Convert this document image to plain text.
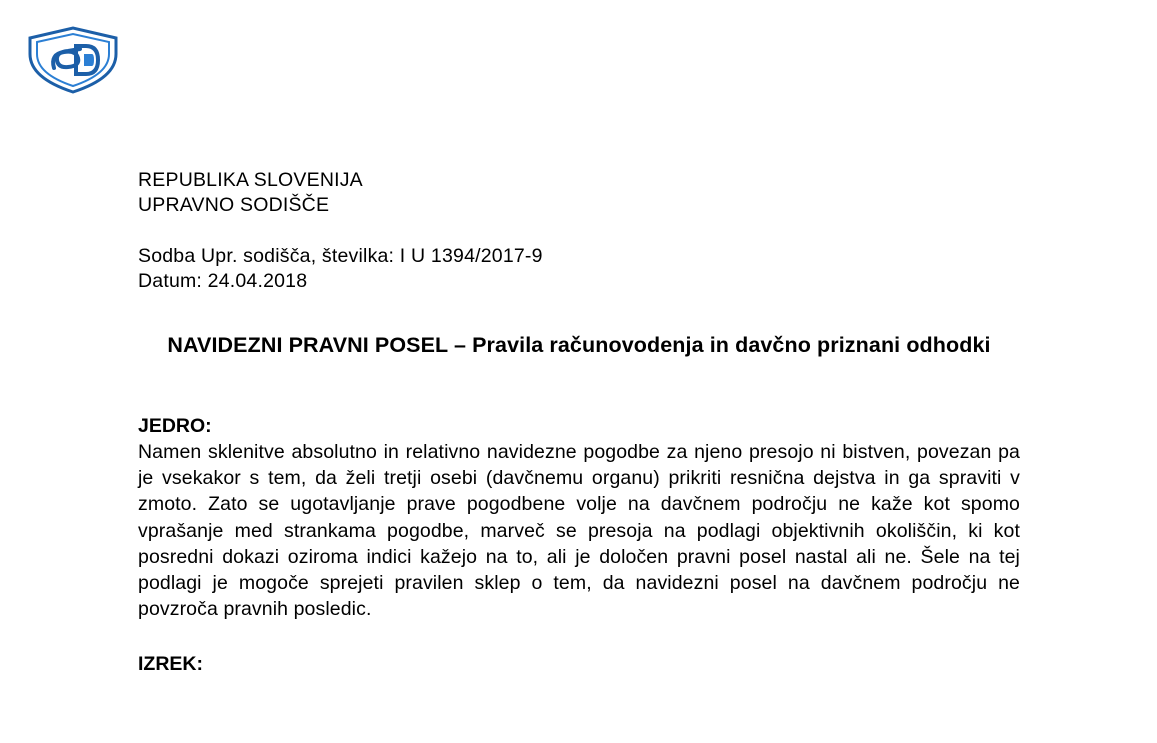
REPUBLIKA SLOVENIJA
UPRAVNO SODIŠČE
Sodba Upr. sodišča, številka: I U 1394/2017-9
Datum: 24.04.2018
NAVIDEZNI PRAVNI POSEL – Pravila računovodenja in davčno priznani odhodki
JEDRO:
Namen sklenitve absolutno in relativno navidezne pogodbe za njeno presojo ni bistven, povezan pa je vsekakor s tem, da želi tretji osebi (davčnemu organu) prikriti resnična dejstva in ga spraviti v zmoto. Zato se ugotavljanje prave pogodbene volje na davčnem področju ne kaže kot spomo vprašanje med strankama pogodbe, marveč se presoja na podlagi objektivnih okoliščin, ki kot posredni dokazi oziroma indici kažejo na to, ali je določen pravni posel nastal ali ne. Šele na tej podlagi je mogoče sprejeti pravilen sklep o tem, da navidezni posel na davčnem področju ne povzroča pravnih posledic.
IZREK:
